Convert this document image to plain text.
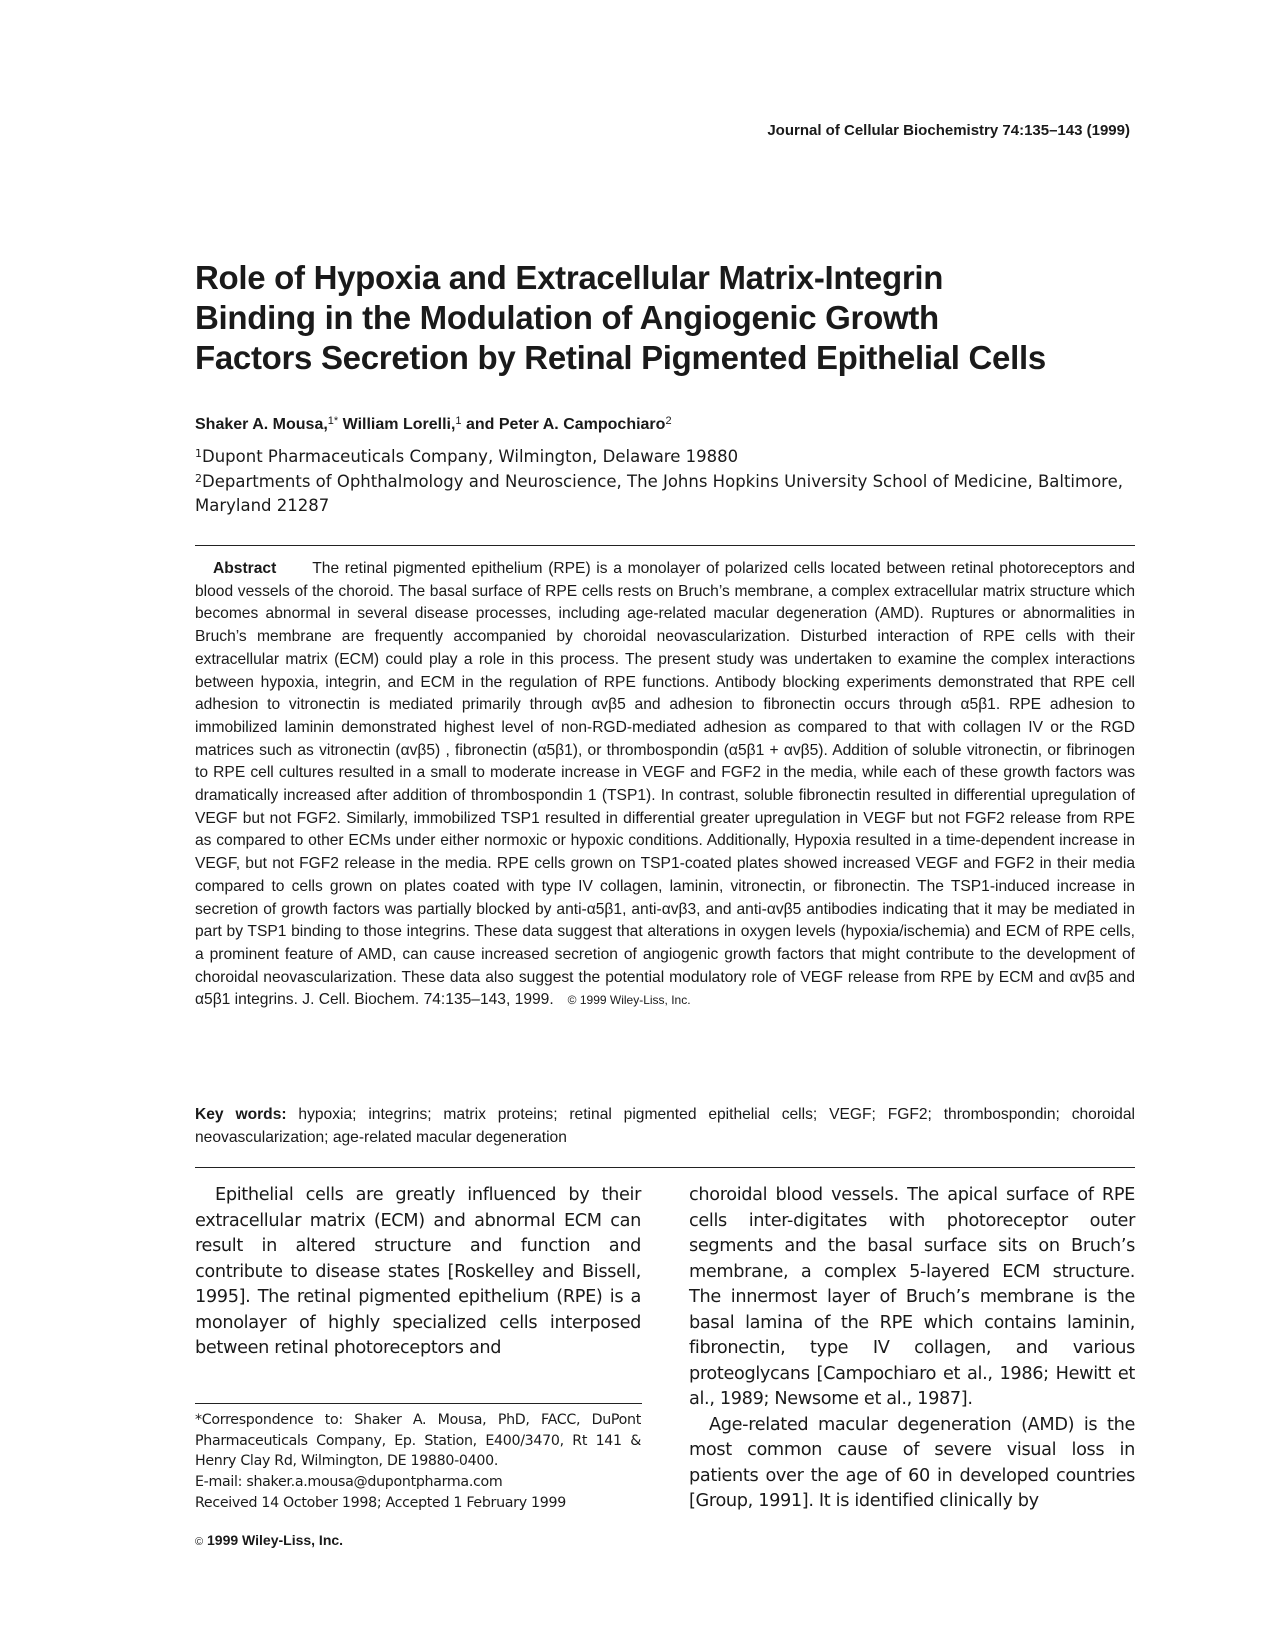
Journal of Cellular Biochemistry 74:135–143 (1999)
Role of Hypoxia and Extracellular Matrix-Integrin
Binding in the Modulation of Angiogenic Growth
Factors Secretion by Retinal Pigmented Epithelial Cells
Shaker A. Mousa,$^{1*}$ William Lorelli,$^1$ and Peter A. Campochiaro$^2$
$^1$Dupont Pharmaceuticals Company, Wilmington, Delaware 19880
$^2$Departments of Ophthalmology and Neuroscience, The Johns Hopkins University School of Medicine, Baltimore, Maryland 21287

Abstract The retinal pigmented epithelium (RPE) is a monolayer of polarized cells located between retinal photoreceptors and blood vessels of the choroid. The basal surface of RPE cells rests on Bruch’s membrane, a complex extracellular matrix structure which becomes abnormal in several disease processes, including age-related macular degeneration (AMD). Ruptures or abnormalities in Bruch’s membrane are frequently accompanied by choroidal neovascularization. Disturbed interaction of RPE cells with their extracellular matrix (ECM) could play a role in this process. The present study was undertaken to examine the complex interactions between hypoxia, integrin, and ECM in the regulation of RPE functions. Antibody blocking experiments demonstrated that RPE cell adhesion to vitronectin is mediated primarily through αvβ5 and adhesion to fibronectin occurs through α5β1. RPE adhesion to immobilized laminin demonstrated highest level of non-RGD-mediated adhesion as compared to that with collagen IV or the RGD matrices such as vitronectin (αvβ5) , fibronectin (α5β1), or thrombospondin (α5β1 + αvβ5). Addition of soluble vitronectin, or fibrinogen to RPE cell cultures resulted in a small to moderate increase in VEGF and FGF2 in the media, while each of these growth factors was dramatically increased after addition of thrombospondin 1 (TSP1). In contrast, soluble fibronectin resulted in differential upregulation of VEGF but not FGF2. Similarly, immobilized TSP1 resulted in differential greater upregulation in VEGF but not FGF2 release from RPE as compared to other ECMs under either normoxic or hypoxic conditions. Additionally, Hypoxia resulted in a time-dependent increase in VEGF, but not FGF2 release in the media. RPE cells grown on TSP1-coated plates showed increased VEGF and FGF2 in their media compared to cells grown on plates coated with type IV collagen, laminin, vitronectin, or fibronectin. The TSP1-induced increase in secretion of growth factors was partially blocked by anti-α5β1, anti-αvβ3, and anti-αvβ5 antibodies indicating that it may be mediated in part by TSP1 binding to those integrins. These data suggest that alterations in oxygen levels (hypoxia/ischemia) and ECM of RPE cells, a prominent feature of AMD, can cause increased secretion of angiogenic growth factors that might contribute to the development of choroidal neovascularization. These data also suggest the potential modulatory role of VEGF release from RPE by ECM and αvβ5 and α5β1 integrins. J. Cell. Biochem. 74:135–143, 1999. © 1999 Wiley-Liss, Inc.

Key words: hypoxia; integrins; matrix proteins; retinal pigmented epithelial cells; VEGF; FGF2; thrombospondin; choroidal neovascularization; age-related macular degeneration

Epithelial cells are greatly influenced by their extracellular matrix (ECM) and abnormal ECM can result in altered structure and function and contribute to disease states [Roskelley and Bissell, 1995]. The retinal pigmented epithelium (RPE) is a monolayer of highly specialized cells interposed between retinal photoreceptors and

choroidal blood vessels. The apical surface of RPE cells inter-digitates with photoreceptor outer segments and the basal surface sits on Bruch’s membrane, a complex 5-layered ECM structure. The innermost layer of Bruch’s membrane is the basal lamina of the RPE which contains laminin, fibronectin, type IV collagen, and various proteoglycans [Campochiaro et al., 1986; Hewitt et al., 1989; Newsome et al., 1987].

Age-related macular degeneration (AMD) is the most common cause of severe visual loss in patients over the age of 60 in developed countries [Group, 1991]. It is identified clinically by

*Correspondence to: Shaker A. Mousa, PhD, FACC, DuPont Pharmaceuticals Company, Ep. Station, E400/3470, Rt 141 & Henry Clay Rd, Wilmington, DE 19880-0400.
E-mail: shaker.a.mousa@dupontpharma.com

Received 14 October 1998; Accepted 1 February 1999
© 1999 Wiley-Liss, Inc.
